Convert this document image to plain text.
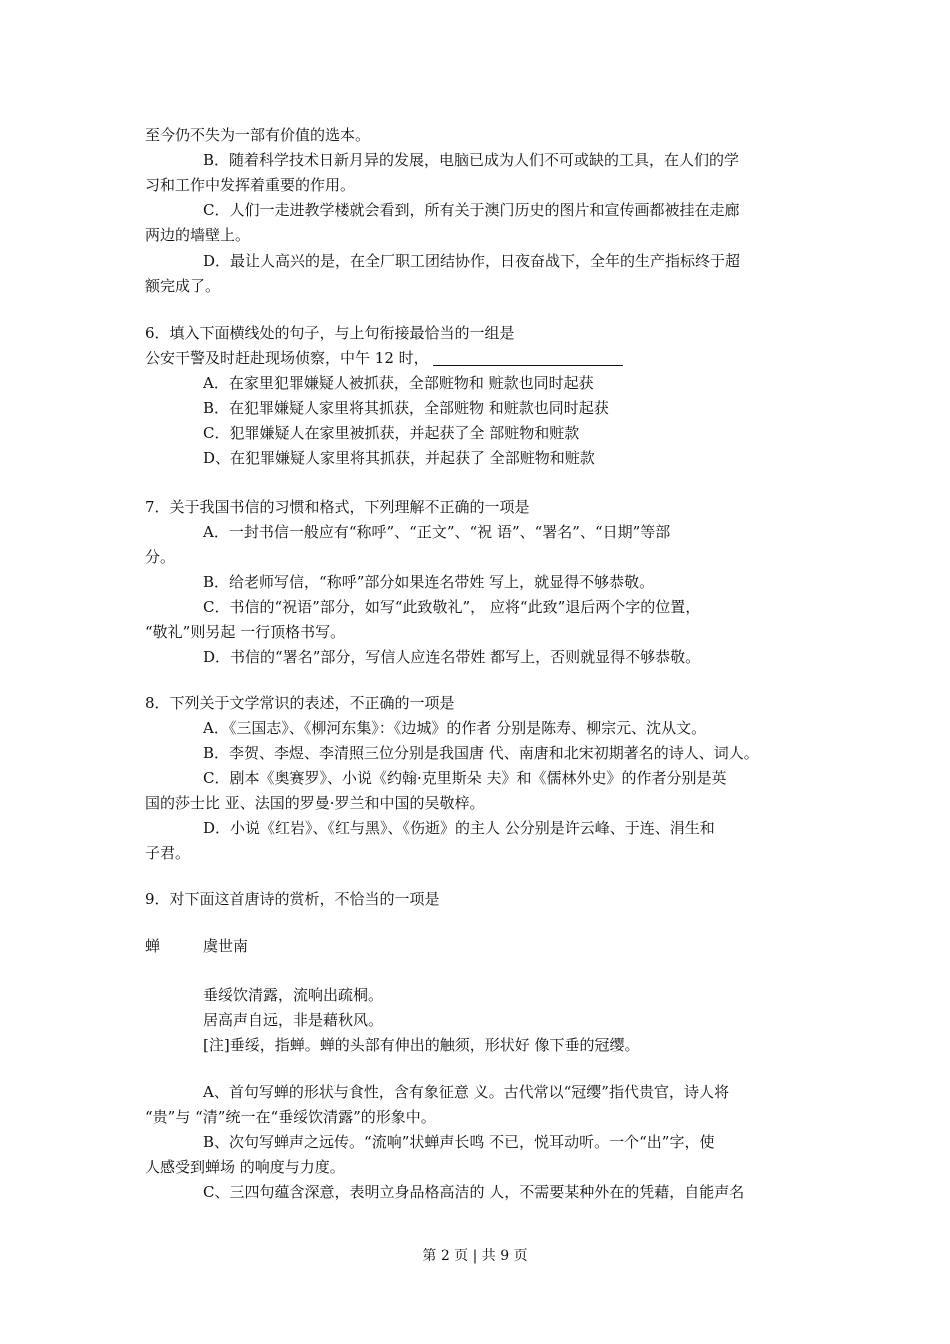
至今仍不失为一部有价值的选本。
B．随着科学技术日新月异的发展，电脑已成为人们不可或缺的工具，在人们的学
习和工作中发挥着重要的作用。
C．人们一走进教学楼就会看到，所有关于澳门历史的图片和宣传画都被挂在走廊
两边的墙壁上。
D．最让人高兴的是，在全厂职工团结协作，日夜奋战下，全年的生产指标终于超
额完成了。
6．填入下面横线处的句子，与上句衔接最恰当的一组是
公安干警及时赶赴现场侦察，中午 12 时，
A．在家里犯罪嫌疑人被抓获，全部赃物和 赃款也同时起获
B．在犯罪嫌疑人家里将其抓获，全部赃物 和赃款也同时起获
C．犯罪嫌疑人在家里被抓获，并起获了全 部赃物和赃款
D、在犯罪嫌疑人家里将其抓获，并起获了 全部赃物和赃款
7．关于我国书信的习惯和格式，下列理解不正确的一项是
A．一封书信一般应有“称呼”、“正文”、“祝 语”、“署名”、“日期”等部
分。
B．给老师写信，“称呼”部分如果连名带姓 写上，就显得不够恭敬。
C．书信的“祝语”部分，如写“此致敬礼”， 应将“此致”退后两个字的位置，
“敬礼”则另起 一行顶格书写。
D．书信的“署名”部分，写信人应连名带姓 都写上，否则就显得不够恭敬。
8．下列关于文学常识的表述，不正确的一项是
A．《三国志》、《柳河东集》：《边城》的作者 分别是陈寿、柳宗元、沈从文。
B．李贺、李煜、李清照三位分别是我国唐 代、南唐和北宋初期著名的诗人、词人。
C．剧本《奥赛罗》、小说《约翰·克里斯朵 夫》和《儒林外史》的作者分别是英
国的莎士比 亚、法国的罗曼·罗兰和中国的吴敬梓。
D．小说《红岩》、《红与黑》、《伤逝》的主人 公分别是许云峰、于连、涓生和
子君。
9．对下面这首唐诗的赏析，不恰当的一项是
蝉	虞世南
垂绥饮清露，流响出疏桐。
居高声自远，非是藉秋风。
[注]垂绥，指蝉。蝉的头部有伸出的触须，形状好 像下垂的冠缨。
A、首句写蝉的形状与食性，含有象征意 义。古代常以“冠缨”指代贵官，诗人将
“贵”与 “清”统一在“垂绥饮清露”的形象中。
B、次句写蝉声之远传。“流响”状蝉声长鸣 不已，悦耳动听。一个“出”字，使
人感受到蝉场 的响度与力度。
C、三四句蕴含深意，表明立身品格高洁的 人，不需要某种外在的凭藉，自能声名
第 2 页 | 共 9 页
